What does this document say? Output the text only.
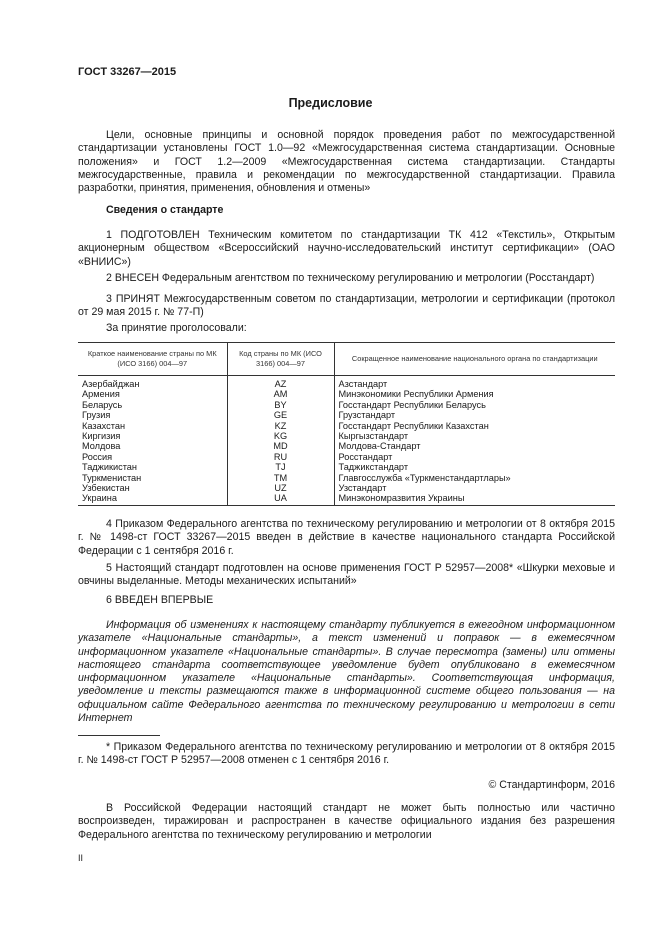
ГОСТ 33267—2015
Предисловие

Цели, основные принципы и основной порядок проведения работ по межгосударственной стандартизации установлены ГОСТ 1.0—92 «Межгосударственная система стандартизации. Основные положения» и ГОСТ 1.2—2009 «Межгосударственная система стандартизации. Стандарты межгосударственные, правила и рекомендации по межгосударственной стандартизации. Правила разработки, принятия, применения, обновления и отмены»

Сведения о стандарте

1 ПОДГОТОВЛЕН Техническим комитетом по стандартизации ТК 412 «Текстиль», Открытым акционерным обществом «Всероссийский научно-исследовательский институт сертификации» (ОАО «ВНИИС»)

2 ВНЕСЕН Федеральным агентством по техническому регулированию и метрологии (Росстандарт)

3 ПРИНЯТ Межгосударственным советом по стандартизации, метрологии и сертификации (протокол от 29 мая 2015 г. № 77-П)

За принятие проголосовали:

Краткое наименование страны по МК (ИСО 3166) 004—97	Код страны по МК (ИСО 3166) 004—97	Сокращенное наименование национального органа по стандартизации
Азербайджан	AZ	Азстандарт
Армения	AM	Минэкономики Республики Армения
Беларусь	BY	Госстандарт Республики Беларусь
Грузия	GE	Грузстандарт
Казахстан	KZ	Госстандарт Республики Казахстан
Киргизия	KG	Кыргызстандарт
Молдова	MD	Молдова-Стандарт
Россия	RU	Росстандарт
Таджикистан	TJ	Таджикстандарт
Туркменистан	TM	Главгосслужба «Туркменстандартлары»
Узбекистан	UZ	Узстандарт
Украина	UA	Минэкономразвития Украины

4 Приказом Федерального агентства по техническому регулированию и метрологии от 8 октября 2015 г. № 1498-ст ГОСТ 33267—2015 введен в действие в качестве национального стандарта Российской Федерации с 1 сентября 2016 г.

5 Настоящий стандарт подготовлен на основе применения ГОСТ Р 52957—2008* «Шкурки меховые и овчины выделанные. Методы механических испытаний»

6 ВВЕДЕН ВПЕРВЫЕ

Информация об изменениях к настоящему стандарту публикуется в ежегодном информационном указателе «Национальные стандарты», а текст изменений и поправок — в ежемесячном информационном указателе «Национальные стандарты». В случае пересмотра (замены) или отмены настоящего стандарта соответствующее уведомление будет опубликовано в ежемесячном информационном указателе «Национальные стандарты». Соответствующая информация, уведомление и тексты размещаются также в информационной системе общего пользования — на официальном сайте Федерального агентства по техническому регулированию и метрологии в сети Интернет

* Приказом Федерального агентства по техническому регулированию и метрологии от 8 октября 2015 г. № 1498-ст ГОСТ Р 52957—2008 отменен с 1 сентября 2016 г.

© Стандартинформ, 2016

В Российской Федерации настоящий стандарт не может быть полностью или частично воспроизведен, тиражирован и распространен в качестве официального издания без разрешения Федерального агентства по техническому регулированию и метрологии

II
